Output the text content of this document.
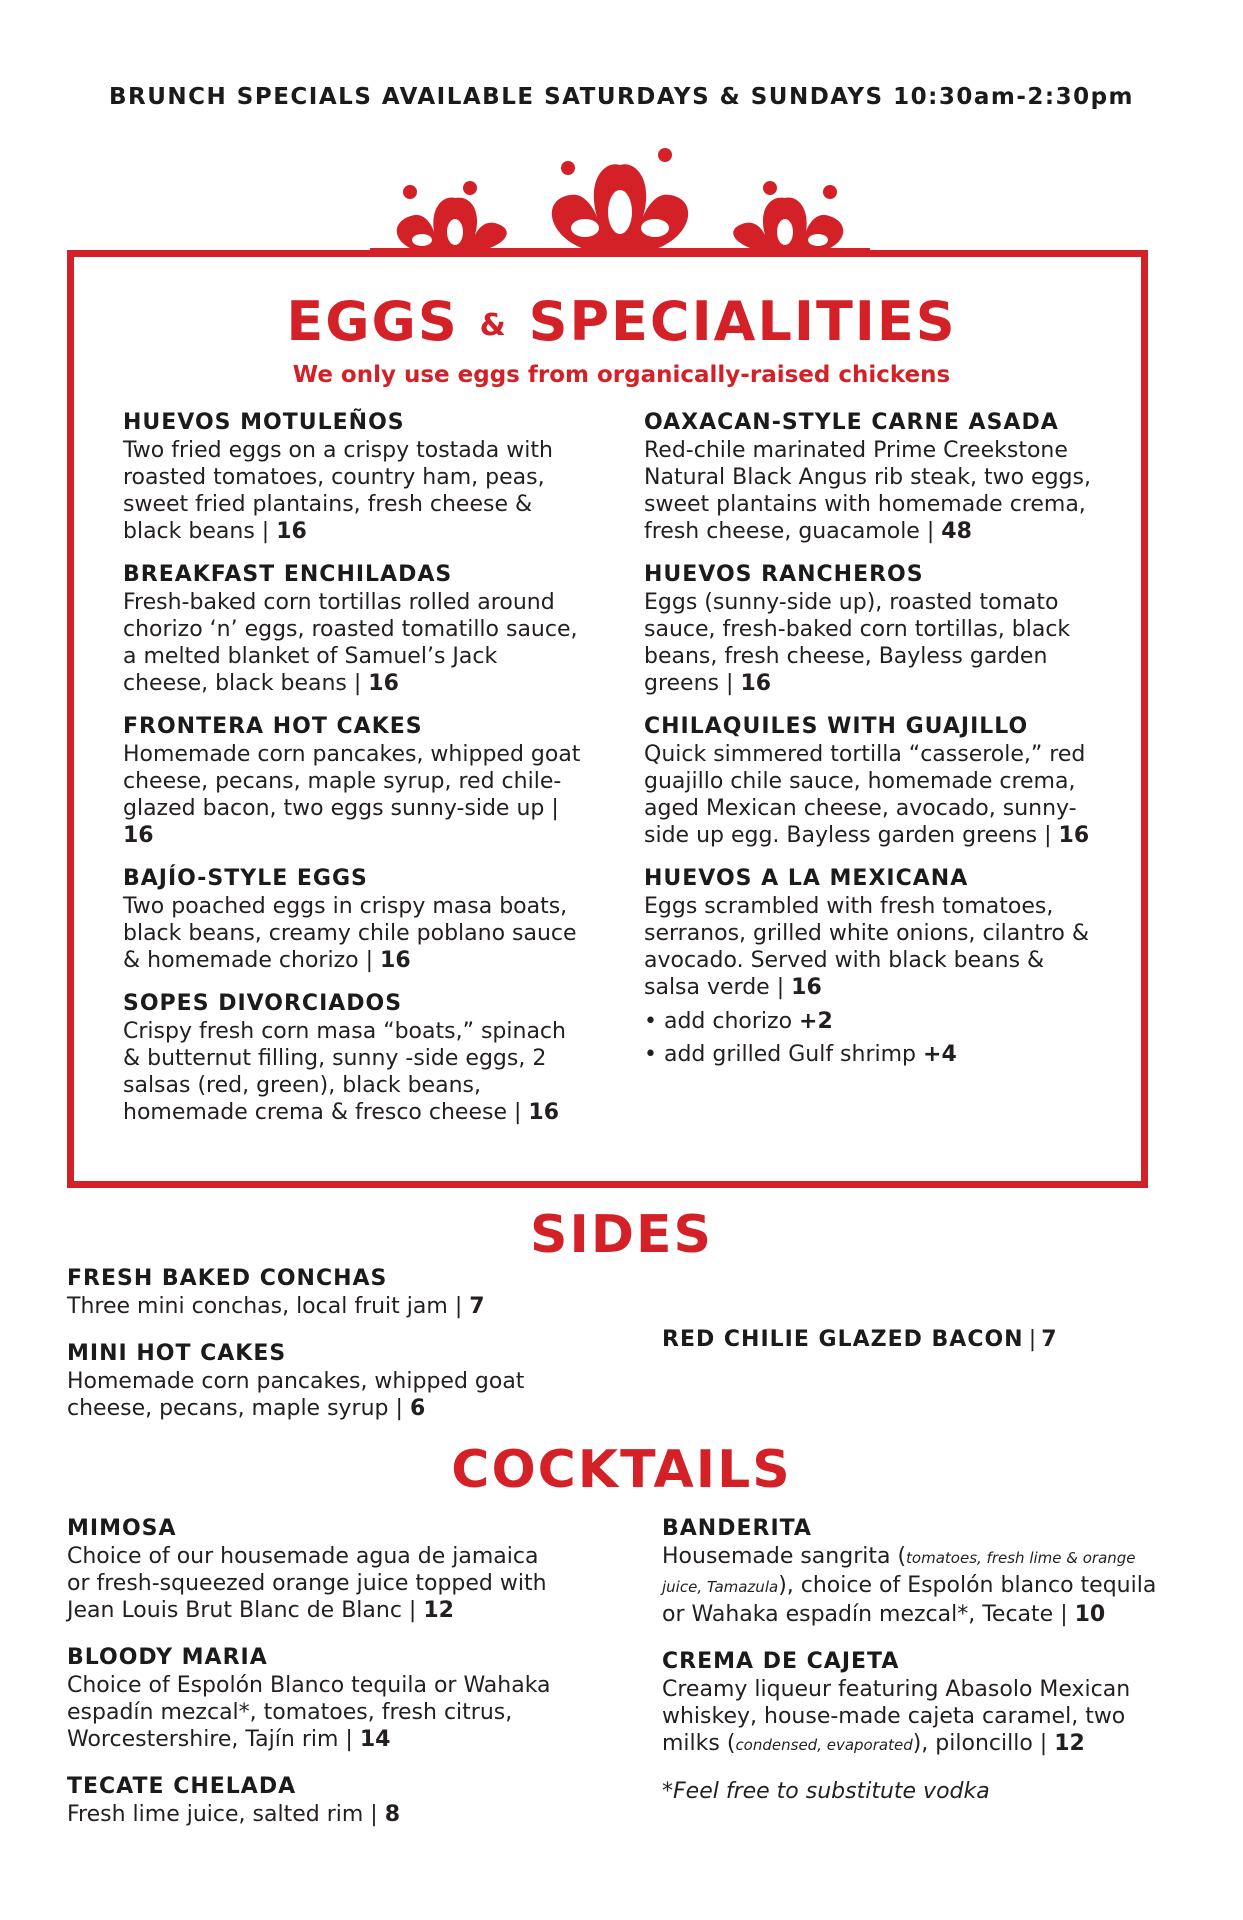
BRUNCH SPECIALS AVAILABLE SATURDAYS & SUNDAYS 10:30am-2:30pm
EGGS & SPECIALITIES
We only use eggs from organically-raised chickens
HUEVOS MOTULEÑOS
Two fried eggs on a crispy tostada with roasted tomatoes, country ham, peas, sweet fried plantains, fresh cheese & black beans | 16
BREAKFAST ENCHILADAS
Fresh-baked corn tortillas rolled around chorizo ‘n’ eggs, roasted tomatillo sauce, a melted blanket of Samuel’s Jack cheese, black beans | 16
FRONTERA HOT CAKES
Homemade corn pancakes, whipped goat cheese, pecans, maple syrup, red chile-glazed bacon, two eggs sunny-side up | 16
BAJÍO-STYLE EGGS
Two poached eggs in crispy masa boats, black beans, creamy chile poblano sauce & homemade chorizo | 16
SOPES DIVORCIADOS
Crispy fresh corn masa “boats,” spinach & butternut filling, sunny -side eggs, 2 salsas (red, green), black beans, homemade crema & fresco cheese | 16
OAXACAN-STYLE CARNE ASADA
Red-chile marinated Prime Creekstone Natural Black Angus rib steak, two eggs, sweet plantains with homemade crema, fresh cheese, guacamole | 48
HUEVOS RANCHEROS
Eggs (sunny-side up), roasted tomato sauce, fresh-baked corn tortillas, black beans, fresh cheese, Bayless garden greens | 16
CHILAQUILES WITH GUAJILLO
Quick simmered tortilla “casserole,” red guajillo chile sauce, homemade crema, aged Mexican cheese, avocado, sunny-side up egg. Bayless garden greens | 16
HUEVOS A LA MEXICANA
Eggs scrambled with fresh tomatoes, serranos, grilled white onions, cilantro & avocado. Served with black beans & salsa verde | 16
• add chorizo +2
• add grilled Gulf shrimp +4
SIDES
FRESH BAKED CONCHAS
Three mini conchas, local fruit jam | 7
MINI HOT CAKES
Homemade corn pancakes, whipped goat cheese, pecans, maple syrup | 6
RED CHILIE GLAZED BACON | 7
COCKTAILS
MIMOSA
Choice of our housemade agua de jamaica or fresh-squeezed orange juice topped with Jean Louis Brut Blanc de Blanc | 12
BLOODY MARIA
Choice of Espolón Blanco tequila or Wahaka espadín mezcal*, tomatoes, fresh citrus, Worcestershire, Tajín rim | 14
TECATE CHELADA
Fresh lime juice, salted rim | 8
BANDERITA
Housemade sangrita (tomatoes, fresh lime & orange juice, Tamazula), choice of Espolón blanco tequila or Wahaka espadín mezcal*, Tecate | 10
CREMA DE CAJETA
Creamy liqueur featuring Abasolo Mexican whiskey, house-made cajeta caramel, two milks (condensed, evaporated), piloncillo | 12
*Feel free to substitute vodka
